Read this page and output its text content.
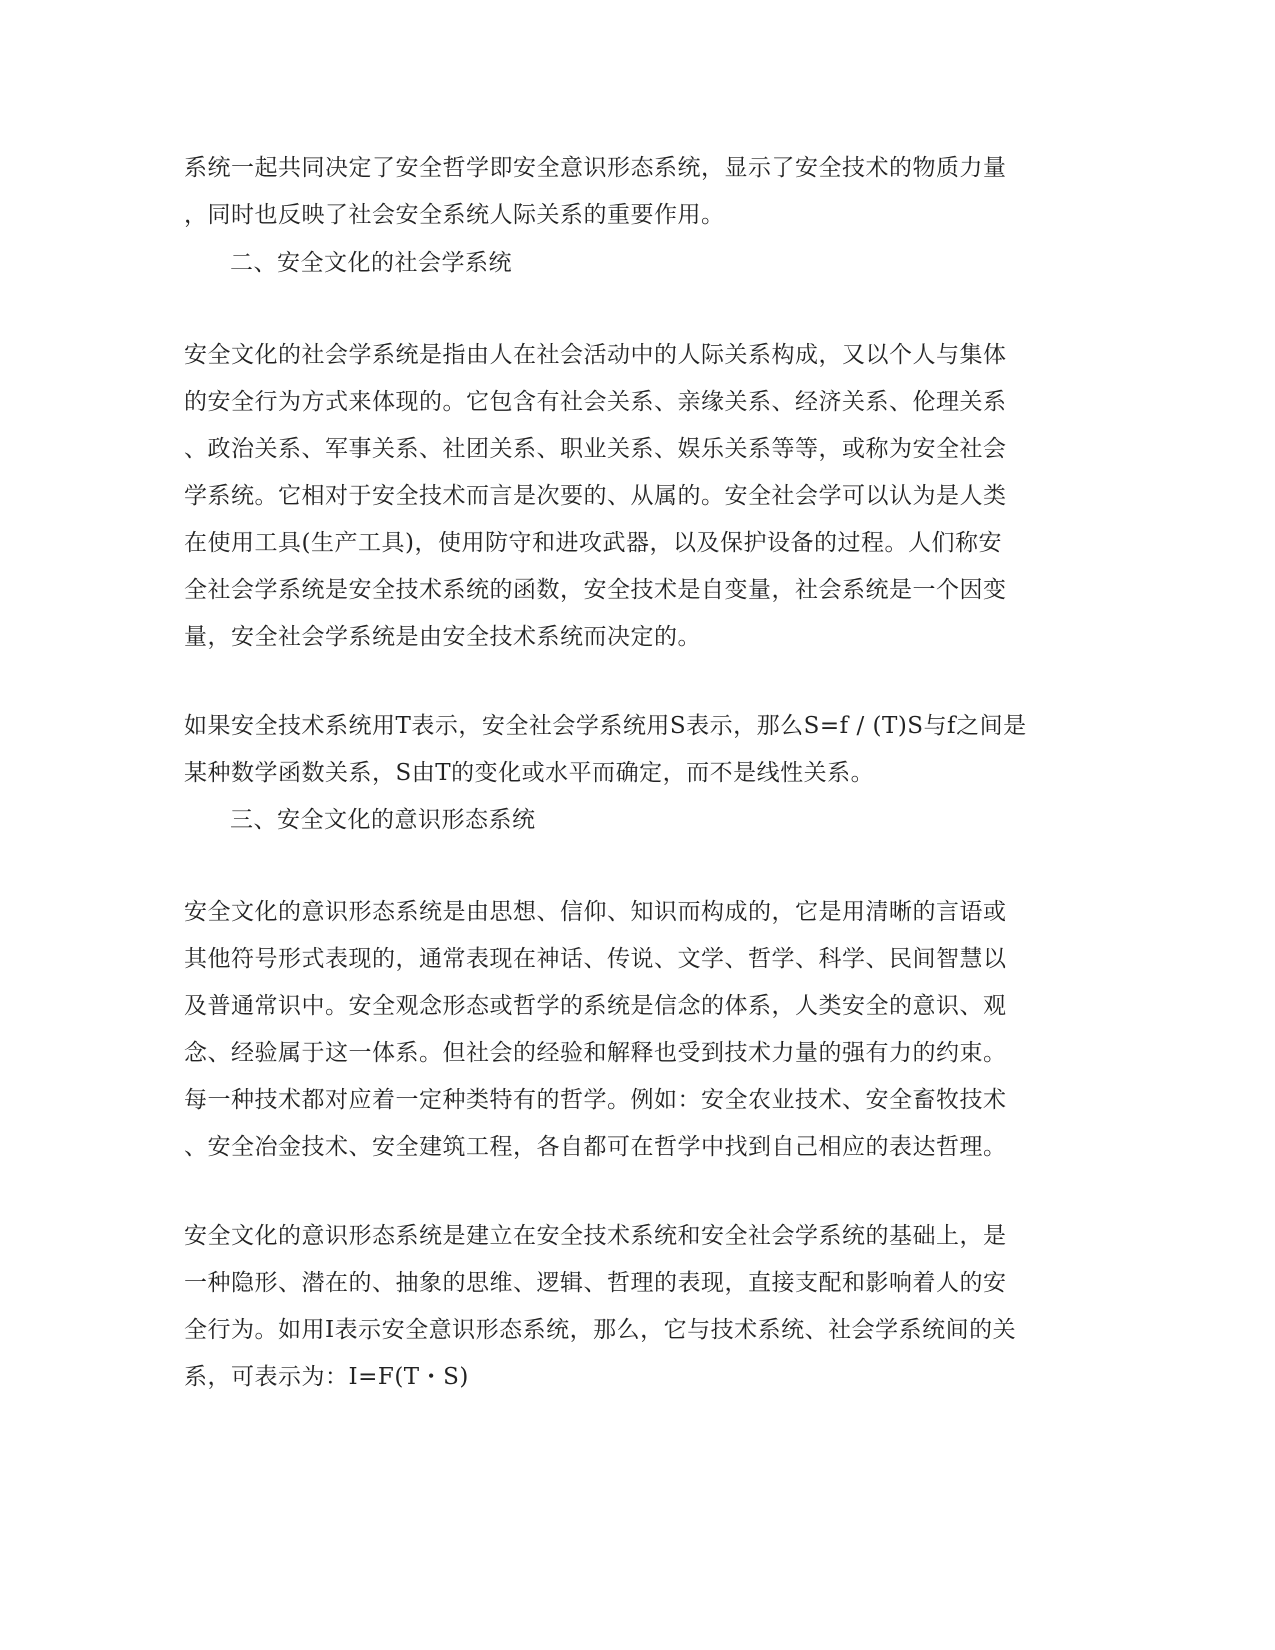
系统一起共同决定了安全哲学即安全意识形态系统，显示了安全技术的物质力量
，同时也反映了社会安全系统人际关系的重要作用。
二、安全文化的社会学系统
安全文化的社会学系统是指由人在社会活动中的人际关系构成，又以个人与集体
的安全行为方式来体现的。它包含有社会关系、亲缘关系、经济关系、伦理关系
、政治关系、军事关系、社团关系、职业关系、娱乐关系等等，或称为安全社会
学系统。它相对于安全技术而言是次要的、从属的。安全社会学可以认为是人类
在使用工具(生产工具)，使用防守和进攻武器，以及保护设备的过程。人们称安
全社会学系统是安全技术系统的函数，安全技术是自变量，社会系统是一个因变
量，安全社会学系统是由安全技术系统而决定的。
如果安全技术系统用T表示，安全社会学系统用S表示，那么S=f / (T)S与f之间是
某种数学函数关系，S由T的变化或水平而确定，而不是线性关系。
三、安全文化的意识形态系统
安全文化的意识形态系统是由思想、信仰、知识而构成的，它是用清晰的言语或
其他符号形式表现的，通常表现在神话、传说、文学、哲学、科学、民间智慧以
及普通常识中。安全观念形态或哲学的系统是信念的体系，人类安全的意识、观
念、经验属于这一体系。但社会的经验和解释也受到技术力量的强有力的约束。
每一种技术都对应着一定种类特有的哲学。例如：安全农业技术、安全畜牧技术
、安全冶金技术、安全建筑工程，各自都可在哲学中找到自己相应的表达哲理。
安全文化的意识形态系统是建立在安全技术系统和安全社会学系统的基础上，是
一种隐形、潜在的、抽象的思维、逻辑、哲理的表现，直接支配和影响着人的安
全行为。如用I表示安全意识形态系统，那么，它与技术系统、社会学系统间的关
系，可表示为：I=F(T・S)
